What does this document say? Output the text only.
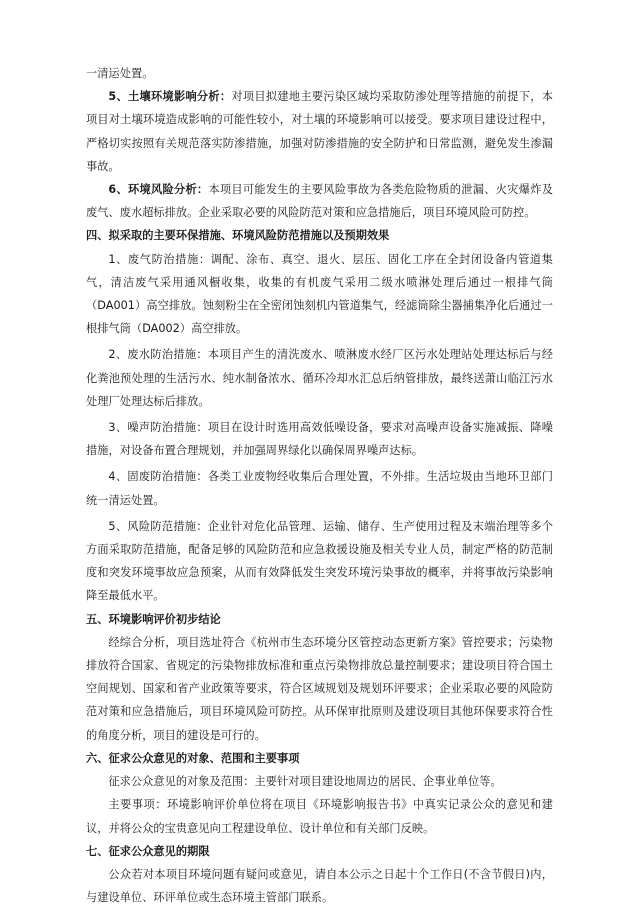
一清运处置。

5、土壤环境影响分析：对项目拟建地主要污染区域均采取防渗处理等措施的前提下，本项目对土壤环境造成影响的可能性较小，对土壤的环境影响可以接受。要求项目建设过程中，严格切实按照有关规范落实防渗措施，加强对防渗措施的安全防护和日常监测，避免发生渗漏事故。

6、环境风险分析：本项目可能发生的主要风险事故为各类危险物质的泄漏、火灾爆炸及废气、废水超标排放。企业采取必要的风险防范对策和应急措施后，项目环境风险可防控。

四、拟采取的主要环保措施、环境风险防范措施以及预期效果

1、废气防治措施：调配、涂布、真空、退火、层压、固化工序在全封闭设备内管道集气，清洁废气采用通风橱收集，收集的有机废气采用二级水喷淋处理后通过一根排气筒（DA001）高空排放。蚀刻粉尘在全密闭蚀刻机内管道集气，经滤筒除尘器捕集净化后通过一根排气筒（DA002）高空排放。

2、废水防治措施：本项目产生的清洗废水、喷淋废水经厂区污水处理站处理达标后与经化粪池预处理的生活污水、纯水制备浓水、循环冷却水汇总后纳管排放，最终送萧山临江污水处理厂处理达标后排放。

3、噪声防治措施：项目在设计时选用高效低噪设备，要求对高噪声设备实施减振、降噪措施，对设备布置合理规划，并加强周界绿化以确保周界噪声达标。

4、固废防治措施：各类工业废物经收集后合理处置，不外排。生活垃圾由当地环卫部门统一清运处置。

5、风险防范措施：企业针对危化品管理、运输、储存、生产使用过程及末端治理等多个方面采取防范措施，配备足够的风险防范和应急救援设施及相关专业人员，制定严格的防范制度和突发环境事故应急预案，从而有效降低发生突发环境污染事故的概率，并将事故污染影响降至最低水平。

五、环境影响评价初步结论

经综合分析，项目选址符合《杭州市生态环境分区管控动态更新方案》管控要求；污染物排放符合国家、省规定的污染物排放标准和重点污染物排放总量控制要求；建设项目符合国土空间规划、国家和省产业政策等要求，符合区域规划及规划环评要求；企业采取必要的风险防范对策和应急措施后，项目环境风险可防控。从环保审批原则及建设项目其他环保要求符合性的角度分析，项目的建设是可行的。

六、征求公众意见的对象、范围和主要事项

征求公众意见的对象及范围：主要针对项目建设地周边的居民、企事业单位等。

主要事项：环境影响评价单位将在项目《环境影响报告书》中真实记录公众的意见和建议，并将公众的宝贵意见向工程建设单位、设计单位和有关部门反映。

七、征求公众意见的期限

公众若对本项目环境问题有疑问或意见，请自本公示之日起十个工作日(不含节假日)内，与建设单位、环评单位或生态环境主管部门联系。
